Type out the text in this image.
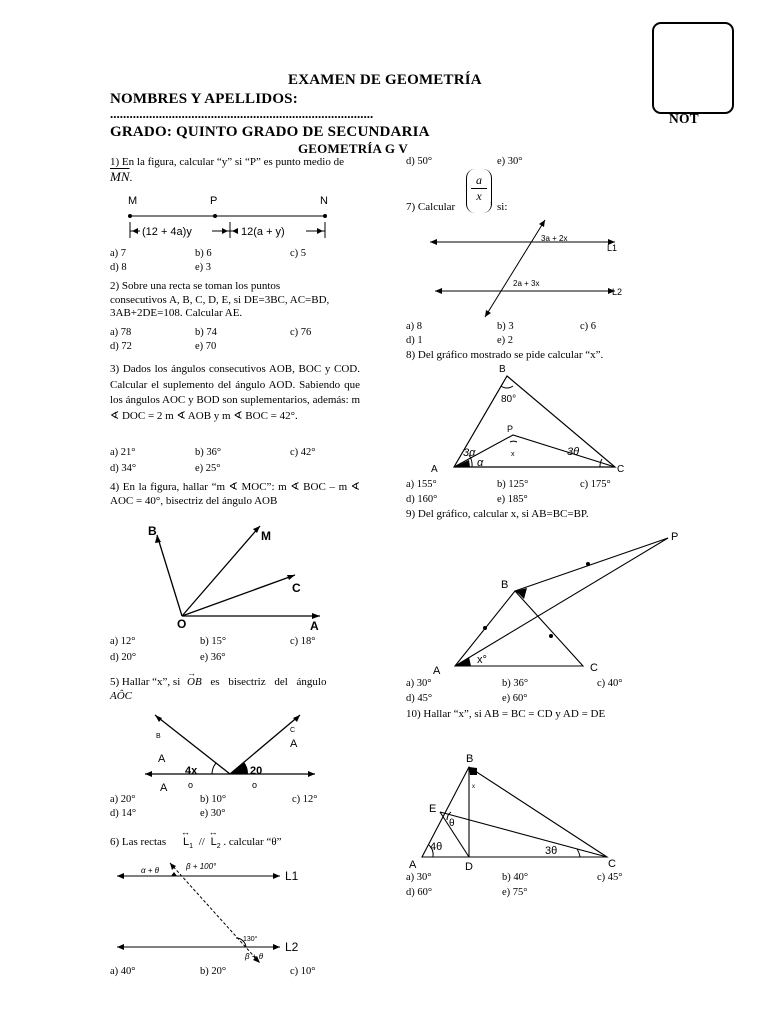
EXAMEN DE GEOMETRÍA
NOMBRES Y APELLIDOS:
.................................................................................	NOT
GRADO: QUINTO GRADO DE SECUNDARIA
GEOMETRÍA G V
1) En la figura, calcular “y” si “P” es punto medio de $\overline{MN}$.
M	P	N
(12 + 4a)y	12(a + y)
a) 7	b) 6	c) 5
d) 8	e) 3
2) Sobre una recta se toman los puntos consecutivos A, B, C, D, E, si DE=3BC, AC=BD, 3AB+2DE=108. Calcular AE.
a) 78	b) 74	c) 76
d) 72	e) 70
3) Dados los ángulos consecutivos AOB, BOC y COD. Calcular el suplemento del ángulo AOD. Sabiendo que los ángulos AOC y BOD son suplementarios, además: m ∢ DOC = 2 m ∢ AOB y m ∢ BOC = 42°.
a) 21°	b) 36°	c) 42°
d) 34°	e) 25°
4) En la figura, hallar “m ∢ MOC”: m ∢ BOC – m ∢ AOC = 40°, bisectriz del ángulo AOB
B	M
C
O	A
a) 12°	b) 15°	c) 18°
d) 20°	e) 36°
5) Hallar “x”, si
→
OB es bisectriz del ángulo
AÔC
B
C
A
A
4x	20
A o	o
a) 20°	b) 10°	c) 12°
d) 14°	e) 30°
6) Las rectas
↔
$L_1$ //
↔
$L_2$ . calcular “θ”
α + θ	β + 100°
130°
β + θ
L1
L2
a) 40°	b) 20°	c) 10°
d) 50°	e) 30°
7) Calcular $\frac{a}{x}$
,
si:
3a + 2x
2a + 3x
L1
L2
a) 8	b) 3	c) 6
d) 1	e) 2
8) Del gráfico mostrado se pide calcular “x”.
B
80°
P
3α
α
x	3θ
A	C
a) 155°	b) 125°	c) 175°
d) 160°	e) 185°
9) Del gráfico, calcular x, si AB=BC=BP.
P
B
x°
A	C
a) 30°	b) 36°	c) 40°
d) 45°	e) 60°
10) Hallar “x”, si AB = BC = CD y AD = DE
B
x
θ
4θ	3θ
E
A	D	C
a) 30°	b) 40°	c) 45°
d) 60°	e) 75°
